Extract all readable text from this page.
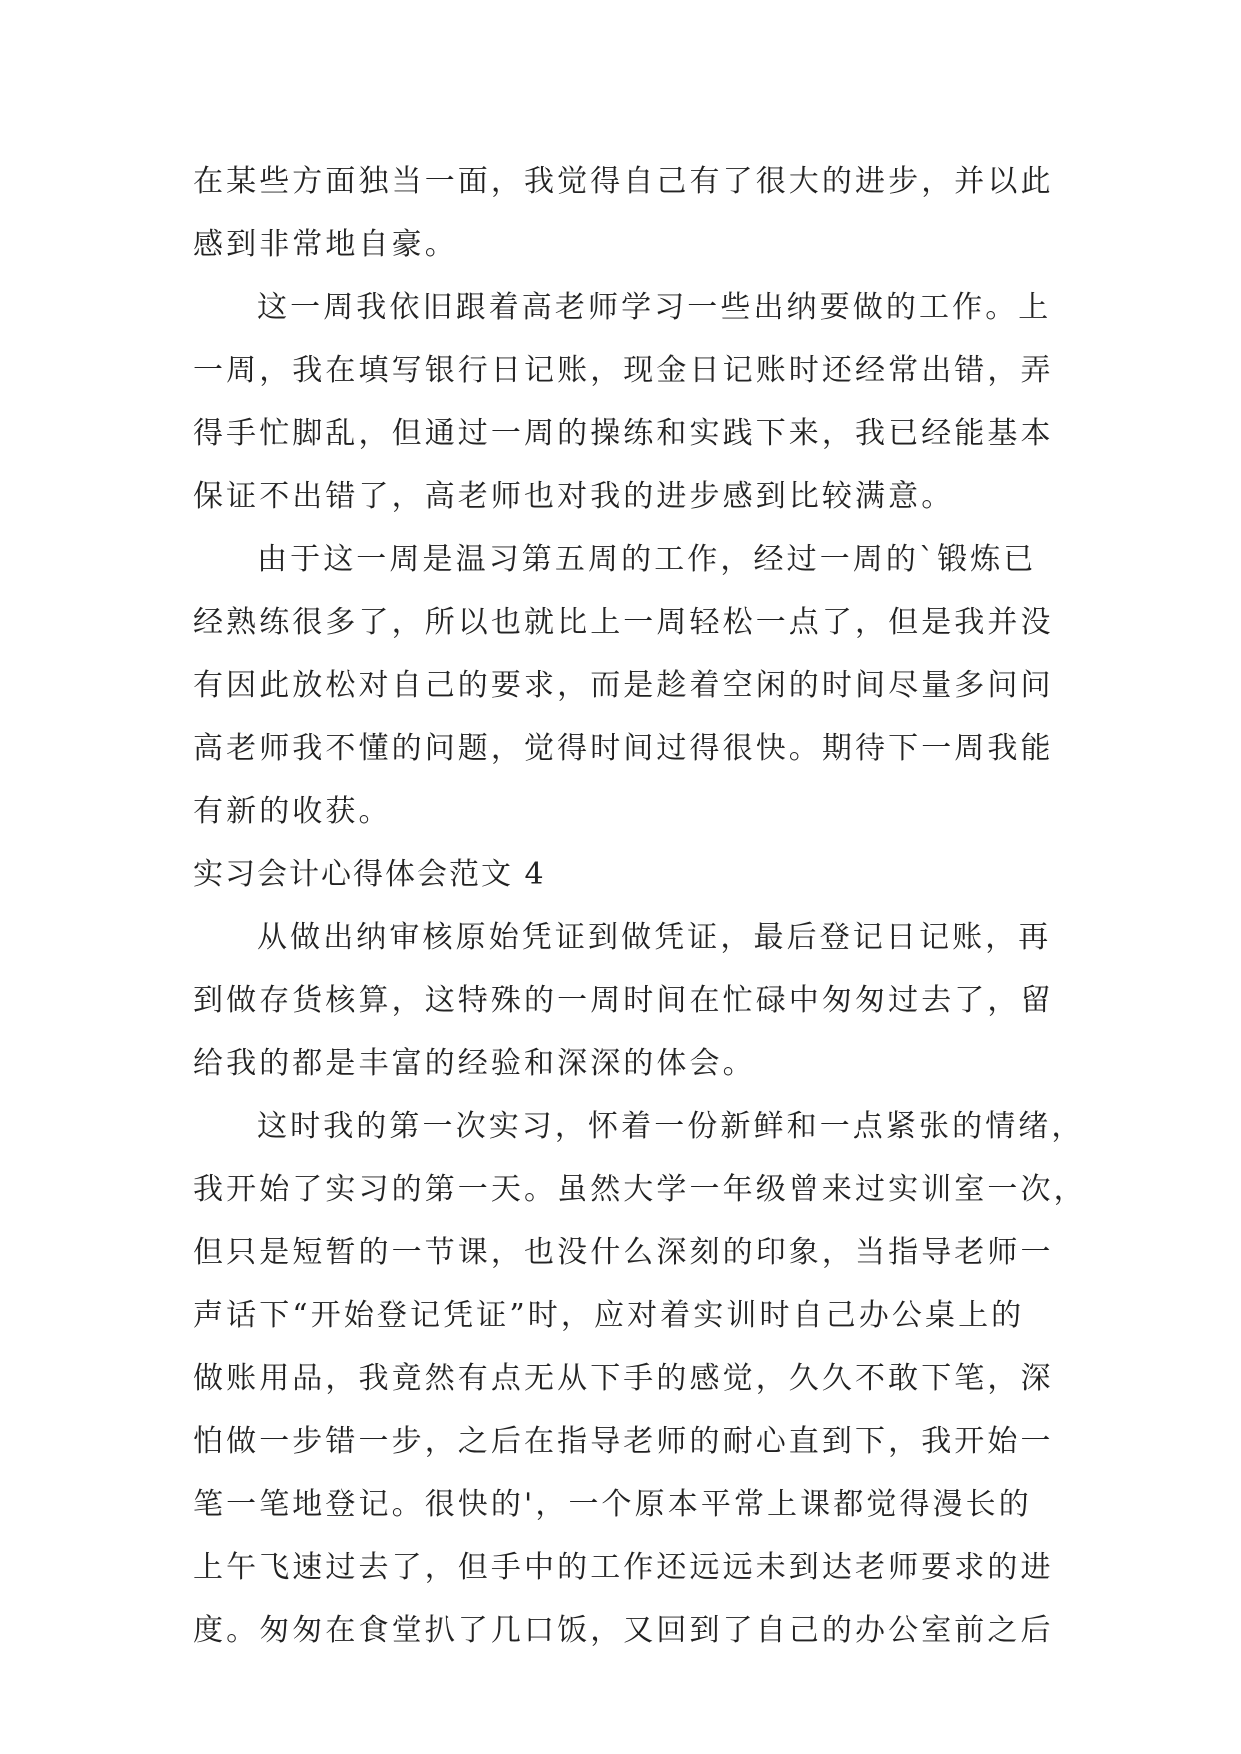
在某些方面独当一面，我觉得自己有了很大的进步，并以此
感到非常地自豪。
这一周我依旧跟着高老师学习一些出纳要做的工作。上
一周，我在填写银行日记账，现金日记账时还经常出错，弄
得手忙脚乱，但通过一周的操练和实践下来，我已经能基本
保证不出错了，高老师也对我的进步感到比较满意。
由于这一周是温习第五周的工作，经过一周的`锻炼已
经熟练很多了，所以也就比上一周轻松一点了，但是我并没
有因此放松对自己的要求，而是趁着空闲的时间尽量多问问
高老师我不懂的问题，觉得时间过得很快。期待下一周我能
有新的收获。
实习会计心得体会范文 4
从做出纳审核原始凭证到做凭证，最后登记日记账，再
到做存货核算，这特殊的一周时间在忙碌中匆匆过去了，留
给我的都是丰富的经验和深深的体会。
这时我的第一次实习，怀着一份新鲜和一点紧张的情绪，
我开始了实习的第一天。虽然大学一年级曾来过实训室一次，
但只是短暂的一节课，也没什么深刻的印象，当指导老师一
声话下“开始登记凭证”时，应对着实训时自己办公桌上的
做账用品，我竟然有点无从下手的感觉，久久不敢下笔，深
怕做一步错一步，之后在指导老师的耐心直到下，我开始一
笔一笔地登记。很快的'，一个原本平常上课都觉得漫长的
上午飞速过去了，但手中的工作还远远未到达老师要求的进
度。匆匆在食堂扒了几口饭，又回到了自己的办公室前之后
